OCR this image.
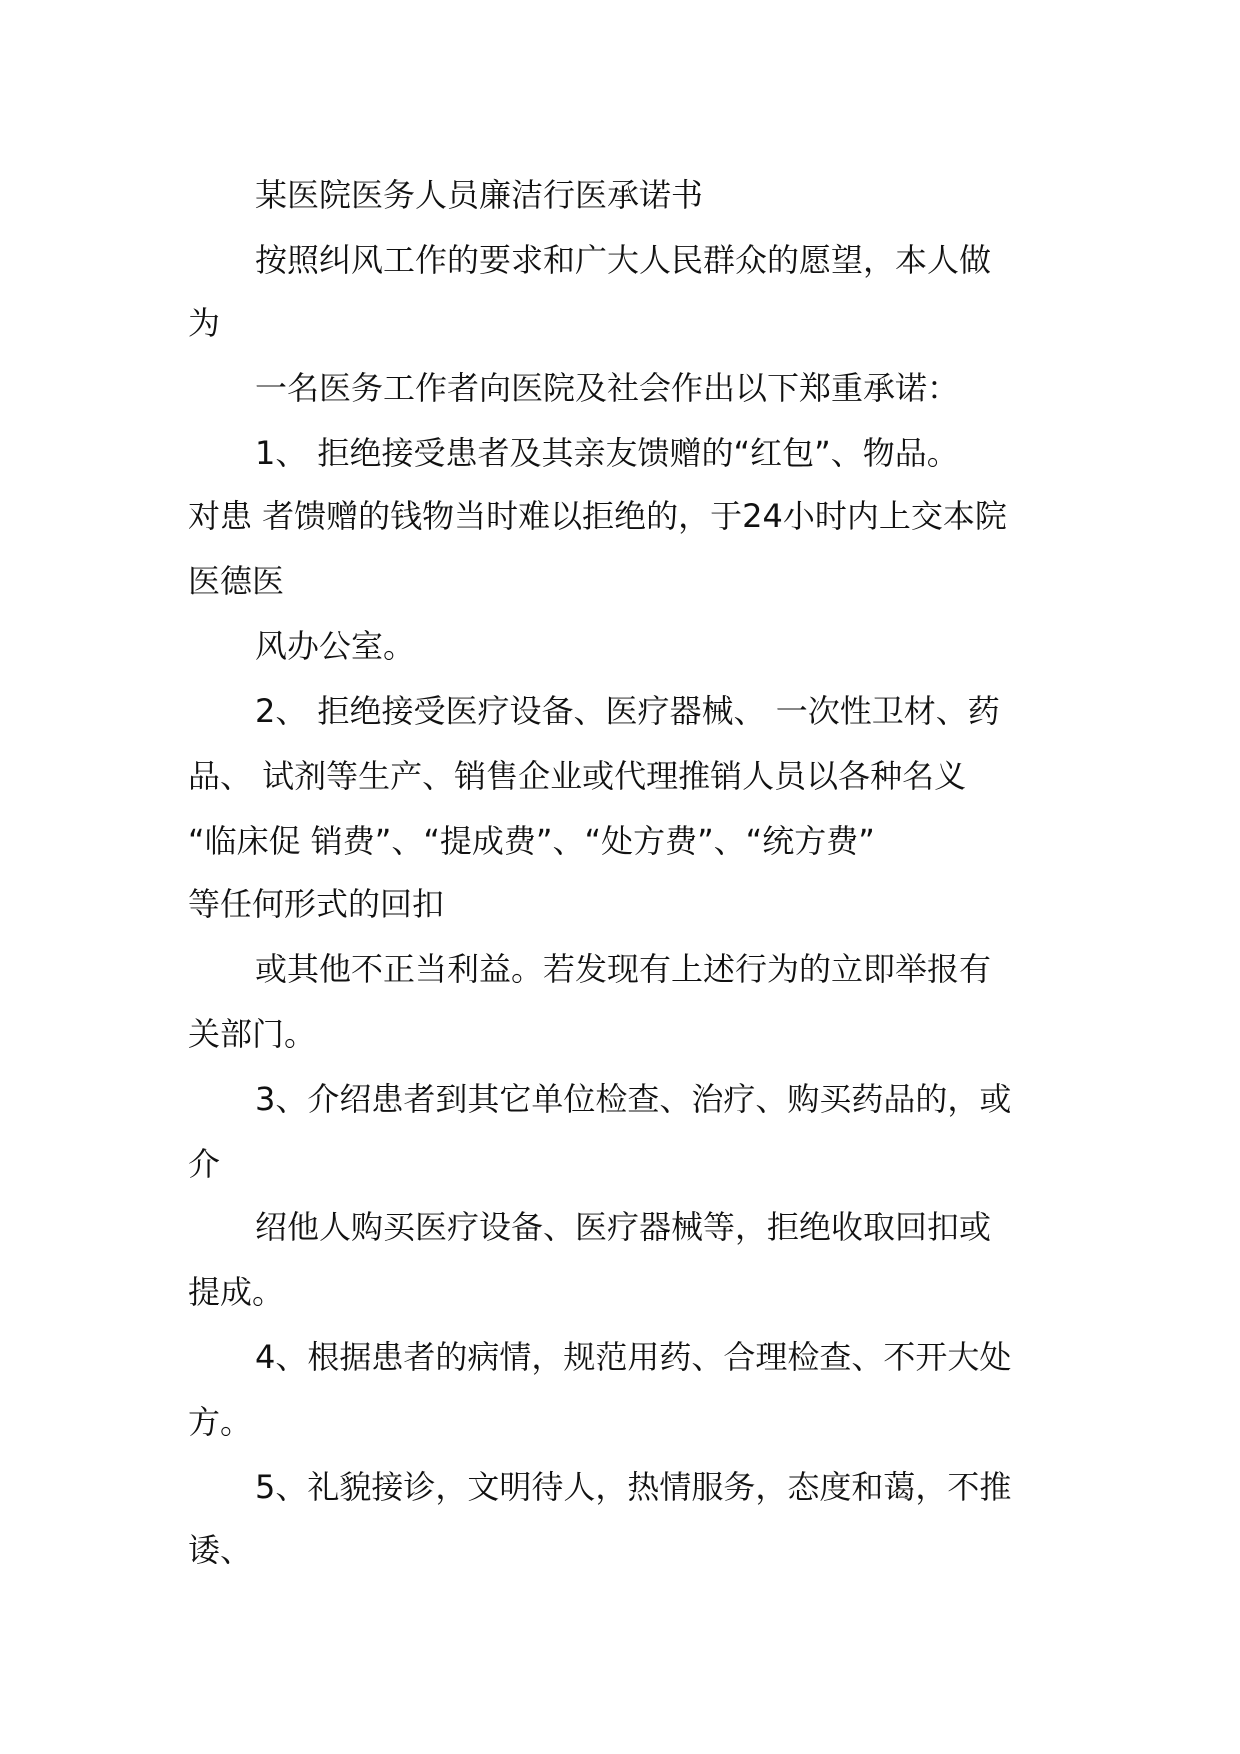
某医院医务人员廉洁行医承诺书
按照纠风工作的要求和广大人民群众的愿望，本人做
为
一名医务工作者向医院及社会作出以下郑重承诺：
1、 拒绝接受患者及其亲友馈赠的“红包”、物品。
对患 者馈赠的钱物当时难以拒绝的，于24小时内上交本院
医德医
风办公室。
2、 拒绝接受医疗设备、医疗器械、 一次性卫材、药
品、 试剂等生产、销售企业或代理推销人员以各种名义
“临床促 销费”、“提成费”、“处方费”、“统方费”
等任何形式的回扣
或其他不正当利益。若发现有上述行为的立即举报有
关部门。
3、介绍患者到其它单位检查、治疗、购买药品的，或
介
绍他人购买医疗设备、医疗器械等，拒绝收取回扣或
提成。
4、根据患者的病情，规范用药、合理检查、不开大处
方。
5、礼貌接诊，文明待人，热情服务，态度和蔼，不推
诿、
